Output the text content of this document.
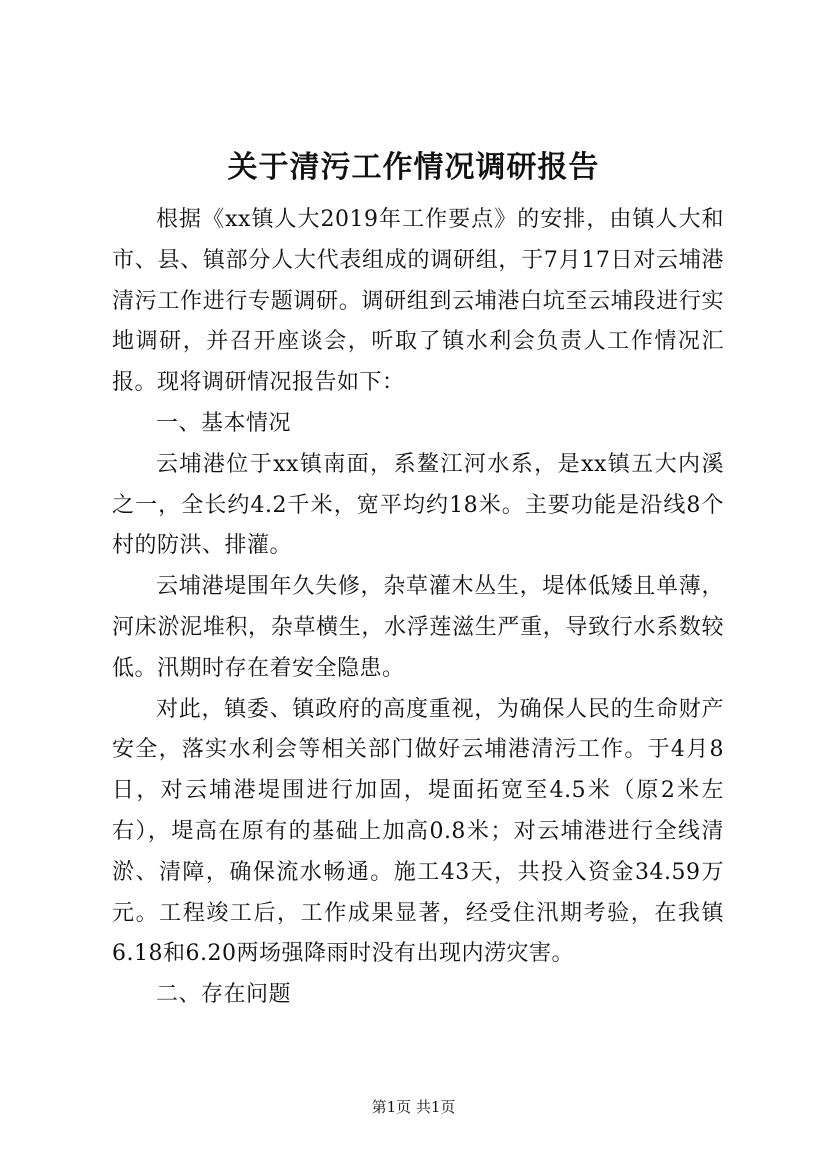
关于清污工作情况调研报告

根据《xx镇人大2019年工作要点》的安排，由镇人大和市、县、镇部分人大代表组成的调研组，于7月17日对云埔港清污工作进行专题调研。调研组到云埔港白坑至云埔段进行实地调研，并召开座谈会，听取了镇水利会负责人工作情况汇报。现将调研情况报告如下：

一、基本情况

云埔港位于xx镇南面，系鳌江河水系，是xx镇五大内溪之一，全长约4.2千米，宽平均约18米。主要功能是沿线8个村的防洪、排灌。

云埔港堤围年久失修，杂草灌木丛生，堤体低矮且单薄，河床淤泥堆积，杂草横生，水浮莲滋生严重，导致行水系数较低。汛期时存在着安全隐患。

对此，镇委、镇政府的高度重视，为确保人民的生命财产安全，落实水利会等相关部门做好云埔港清污工作。于4月8日，对云埔港堤围进行加固，堤面拓宽至4.5米（原2米左右），堤高在原有的基础上加高0.8米；对云埔港进行全线清淤、清障，确保流水畅通。施工43天，共投入资金34.59万元。工程竣工后，工作成果显著，经受住汛期考验，在我镇6.18和6.20两场强降雨时没有出现内涝灾害。

二、存在问题

第1页 共1页
